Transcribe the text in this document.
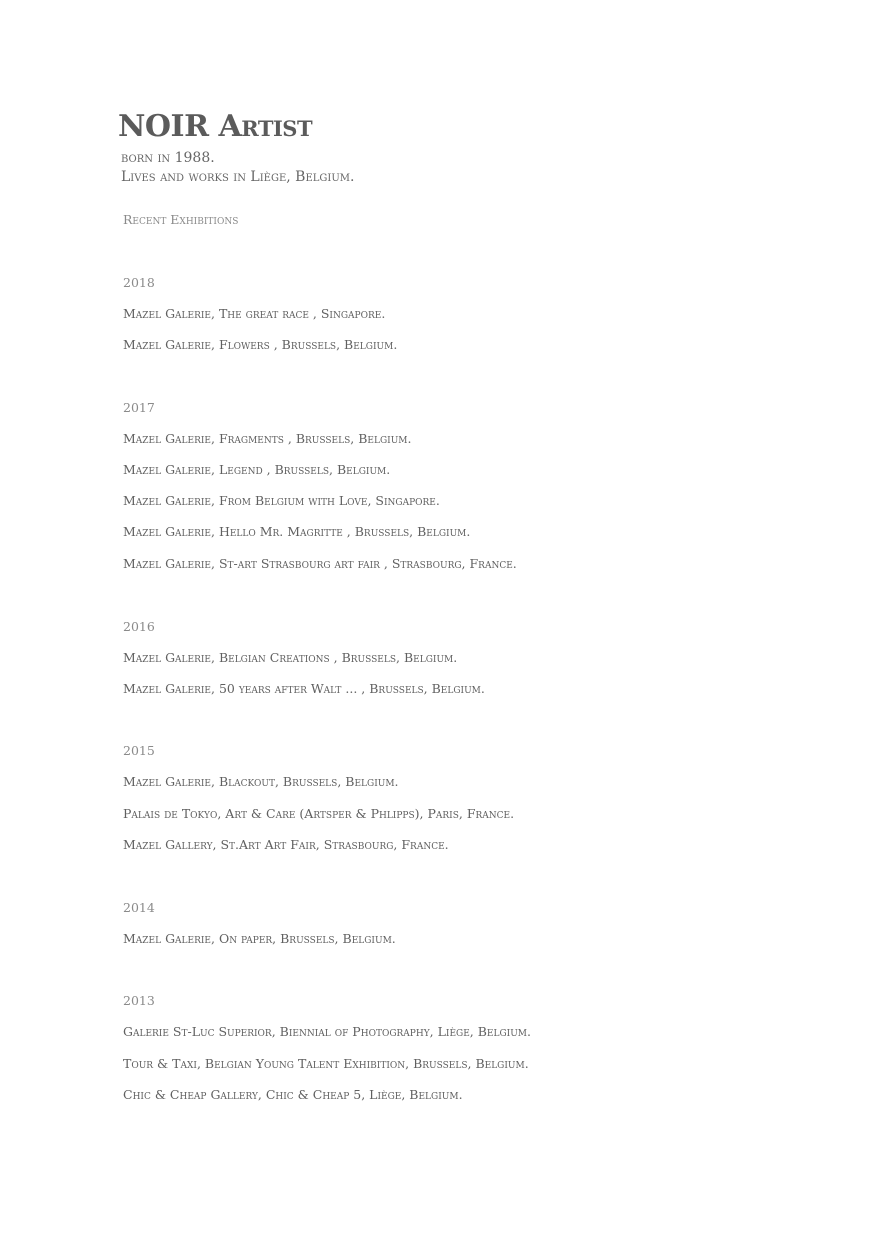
NOIR Artist

born in 1988.
Lives and works in Liège, Belgium.

Recent Exhibitions
2018

Mazel Galerie, The great race , Singapore.

Mazel Galerie, Flowers , Brussels, Belgium.

2017

Mazel Galerie, Fragments , Brussels, Belgium.

Mazel Galerie, Legend , Brussels, Belgium.

Mazel Galerie, From Belgium with Love, Singapore.

Mazel Galerie, Hello Mr. Magritte , Brussels, Belgium.

Mazel Galerie, St-art Strasbourg art fair , Strasbourg, France.

2016

Mazel Galerie, Belgian Creations , Brussels, Belgium.

Mazel Galerie, 50 years after Walt ... , Brussels, Belgium.

2015

Mazel Galerie, Blackout, Brussels, Belgium.

Palais de Tokyo, Art & Care (Artsper & Phlipps), Paris, France.

Mazel Gallery, St.Art Art Fair, Strasbourg, France.

2014

Mazel Galerie, On paper, Brussels, Belgium.

2013

Galerie St-Luc Superior, Biennial of Photography, Liège, Belgium.

Tour & Taxi, Belgian Young Talent Exhibition, Brussels, Belgium.

Chic & Cheap Gallery, Chic & Cheap 5, Liège, Belgium.
